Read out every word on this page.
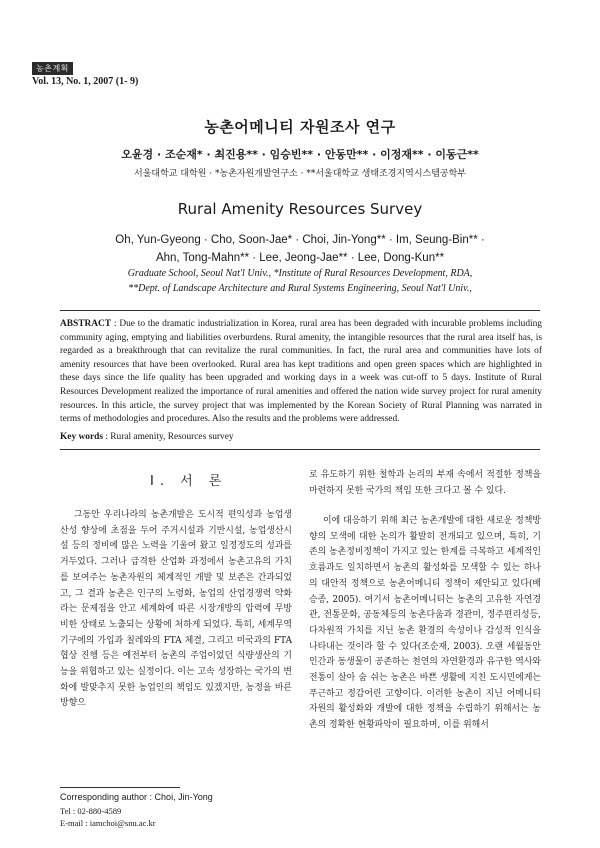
농촌계획
Vol. 13, No. 1, 2007 (1- 9)
농촌어메니티 자원조사 연구
오윤경 · 조순재* · 최진용** · 임승빈** · 안동만** · 이정재** · 이동근**
서울대학교 대학원 · *농촌자원개발연구소 · **서울대학교 생태조경지역시스템공학부
Rural Amenity Resources Survey
Oh, Yun-Gyeong · Cho, Soon-Jae* · Choi, Jin-Yong** · Im, Seung-Bin** ·
Ahn, Tong-Mahn** · Lee, Jeong-Jae** · Lee, Dong-Kun**
Graduate School, Seoul Nat'l Univ., *Institute of Rural Resources Development, RDA,
**Dept. of Landscape Architecture and Rural Systems Engineering, Seoul Nat'l Univ.,
ABSTRACT : Due to the dramatic industrialization in Korea, rural area has been degraded with incurable problems including community aging, emptying and liabilities overburdens. Rural amenity, the intangible resources that the rural area itself has, is regarded as a breakthrough that can revitalize the rural communities. In fact, the rural area and communities have lots of amenity resources that have been overlooked. Rural area has kept traditions and open green spaces which are highlighted in these days since the life quality has been upgraded and working days in a week was cut-off to 5 days. Institute of Rural Resources Development realized the importance of rural amenities and offered the nation wide survey project for rural amenity resources. In this article, the survey project that was implemented by the Korean Society of Rural Planning was narrated in terms of methodologies and procedures. Also the results and the problems were addressed.
Key words : Rural amenity, Resources survey
I. 서 론

그동안 우리나라의 농촌개발은 도시적 편익성과 농업생산성 향상에 초점을 두어 주거시설과 기반시설, 농업생산시설 등의 정비에 많은 노력을 기울여 왔고 일정정도의 성과를 거두었다. 그러나 급격한 산업화 과정에서 농촌고유의 가치를 보여주는 농촌자원의 체계적인 개발 및 보존은 간과되었고, 그 결과 농촌은 인구의 노령화, 농업의 산업경쟁력 약화라는 문제점을 안고 세계화에 따른 시장개방의 압력에 무방비한 상태로 노출되는 상황에 처하게 되었다. 특히, 세계무역기구에의 가입과 칠레와의 FTA 체결, 그리고 미국과의 FTA 협상 진행 등은 예전부터 농촌의 주업이었던 식량생산의 기능을 위협하고 있는 실정이다. 이는 고속 성장하는 국가의 변화에 발맞추지 못한 농업인의 책임도 있겠지만, 농정을 바른 방향으

로 유도하기 위한 철학과 논리의 부재 속에서 적절한 정책을 마련하지 못한 국가의 책임 또한 크다고 볼 수 있다.

이에 대응하기 위해 최근 농촌개발에 대한 새로운 정책방향의 모색에 대한 논의가 활발히 전개되고 있으며, 특히, 기존의 농촌정비정책이 가지고 있는 한계를 극복하고 세계적인 흐름과도 일치하면서 농촌의 활성화를 모색할 수 있는 하나의 대안적 정책으로 농촌어메니티 정책이 제안되고 있다(배승종, 2005). 여기서 농촌어메니티는 농촌의 고유한 자연경관, 전통문화, 공동체등의 농촌다움과 경관미, 정주편리성등, 다차원적 가치를 지닌 농촌 환경의 속성이나 감성적 인식을 나타내는 것이라 할 수 있다(조순재, 2003). 오랜 세월동안 인간과 동생물이 공존하는 천연의 자연환경과 유구한 역사와 전통이 살아 숨 쉬는 농촌은 바쁜 생활에 지친 도시민에게는 푸근하고 정감어린 고향이다. 이러한 농촌이 지닌 어메니티 자원의 활성화와 개발에 대한 정책을 수립하기 위해서는 농촌의 정확한 현황파악이 필요하며, 이를 위해서

Corresponding author : Choi, Jin-Yong
Tel : 02-880-4589
E-mail : iamchoi@snu.ac.kr
